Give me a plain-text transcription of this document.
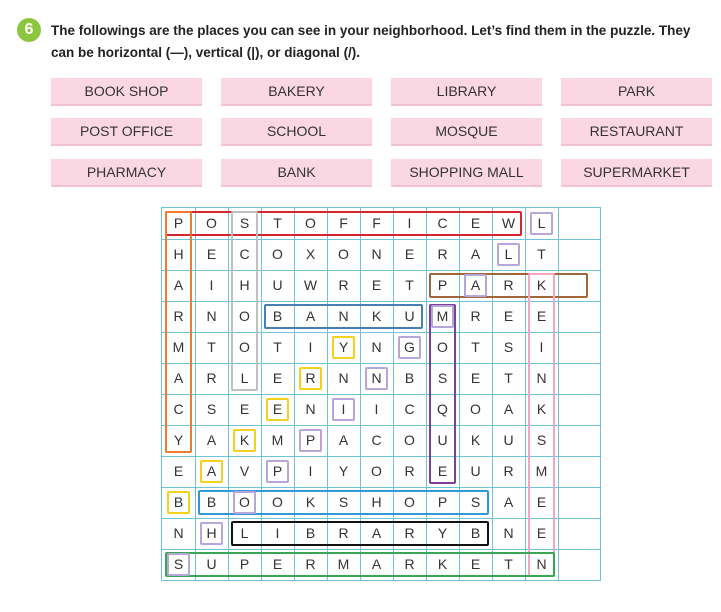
6	The followings are the places you can see in your neighborhood. Let’s find them in the puzzle. They can be horizontal (—), vertical (|), or diagonal (/).

BOOK SHOP	BAKERY	LIBRARY	PARK
POST OFFICE	SCHOOL	MOSQUE	RESTAURANT
PHARMACY	BANK	SHOPPING MALL	SUPERMARKET
P	O	S	T	O	F	F	I	C	E	W	L
H	E	C	O	X	O	N	E	R	A	L	T
A	I	H	U	W	R	E	T	P	A	R	K
R	N	O	B	A	N	K	U	M	R	E	E
M	T	O	T	I	Y	N	G	O	T	S	I
A	R	L	E	R	N	N	B	S	E	T	N
C	S	E	E	N	I	I	C	Q	O	A	K
Y	A	K	M	P	A	C	O	U	K	U	S
E	A	V	P	I	Y	O	R	E	U	R	M
B	B	O	O	K	S	H	O	P	S	A	E
N	H	L	I	B	R	A	R	Y	B	N	E
S	U	P	E	R	M	A	R	K	E	T	N
